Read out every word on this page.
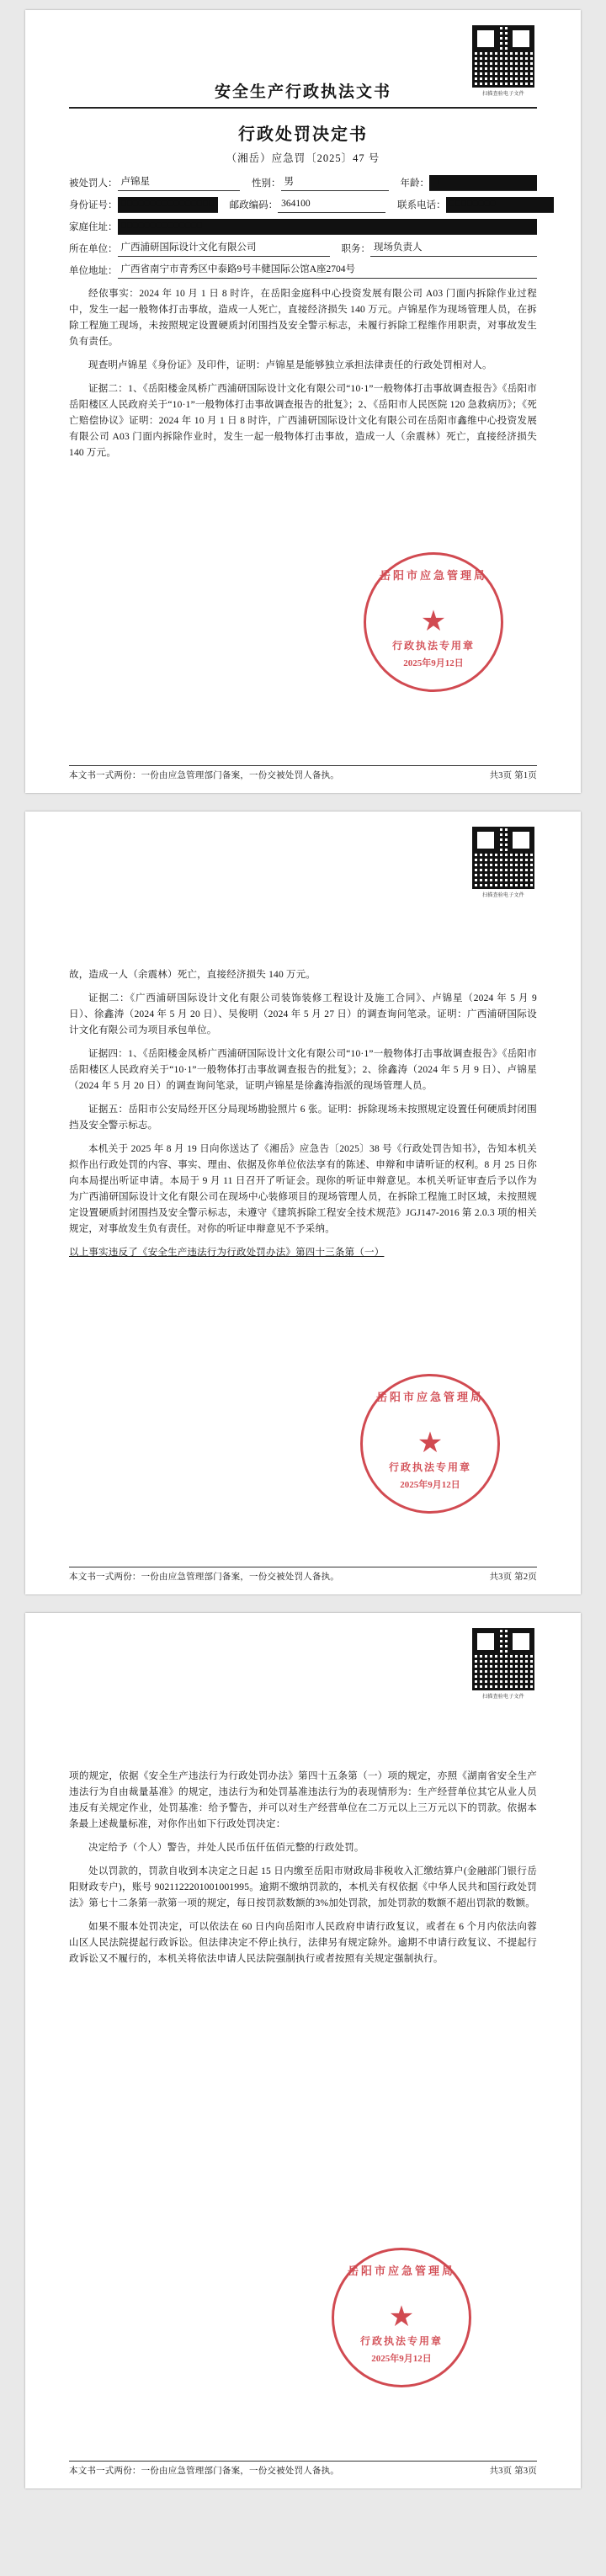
扫描查验电子文件
安全生产行政执法文书
行政处罚决定书
（湘岳）应急罚〔2025〕47 号
被处罚人： 卢锦星	性别： 男	年龄： ■■
身份证号： ■■■■■■■■■■■■■■■■	邮政编码： 364100	联系电话： ■■■■■■■■
家庭住址： ■■■■■■■■■■■■■■
所在单位： 广西浦研国际设计文化有限公司	职务： 现场负责人
单位地址： 广西省南宁市青秀区中泰路9号丰健国际公馆A座2704号
经依事实：2024 年 10 月 1 日 8 时许，在岳阳金庭科中心投资发展有限公司 A03 门面内拆除作业过程中，发生一起一般物体打击事故，造成一人死亡，直接经济损失 140 万元。卢锦星作为现场管理人员，在拆除工程施工现场，未按照规定设置硬质封闭围挡及安全警示标志，未履行拆除工程维作用职责，对事故发生负有责任。
现查明卢锦星《身份证》及印件，证明：卢锦星是能够独立承担法律责任的行政处罚相对人。
证据二：1、《岳阳楼金凤桥广西浦研国际设计文化有限公司“10·1”一般物体打击事故调查报告》《岳阳市岳阳楼区人民政府关于“10·1”一般物体打击事故调查报告的批复》；2、《岳阳市人民医院 120 急救病历》；《死亡赔偿协议》证明：2024 年 10 月 1 日 8 时许，广西浦研国际设计文化有限公司在岳阳市鑫维中心投资发展有限公司 A03 门面内拆除作业时，发生一起一般物体打击事故，造成一人（余震林）死亡，直接经济损失 140 万元。
岳阳市应急管理局
★
行政执法专用章
2025年9月12日
本文书一式两份：一份由应急管理部门备案，一份交被处罚人备执。	共3页 第1页
扫描查验电子文件
故，造成一人（余震林）死亡，直接经济损失 140 万元。
证据二：《广西浦研国际设计文化有限公司装饰装修工程设计及施工合同》、卢锦星（2024 年 5 月 9 日）、徐鑫涛（2024 年 5 月 20 日）、吴俊明（2024 年 5 月 27 日）的调查询问笔录。证明：广西浦研国际设计文化有限公司为项目承包单位。
证据四：1、《岳阳楼金凤桥广西浦研国际设计文化有限公司“10·1”一般物体打击事故调查报告》《岳阳市岳阳楼区人民政府关于“10·1”一般物体打击事故调查报告的批复》；2、徐鑫涛（2024 年 5 月 9 日）、卢锦星（2024 年 5 月 20 日）的调查询问笔录，证明卢锦星是徐鑫涛指派的现场管理人员。
证据五：岳阳市公安局经开区分局现场勘验照片 6 张。证明：拆除现场未按照规定设置任何硬质封闭围挡及安全警示标志。
本机关于 2025 年 8 月 19 日向你送达了《湘岳》应急告〔2025〕38 号《行政处罚告知书》，告知本机关拟作出行政处罚的内容、事实、理由、依据及你单位依法享有的陈述、申辩和申请听证的权利。8 月 25 日你向本局提出听证申请。本局于 9 月 11 日召开了听证会。现你的听证申辩意见。本机关听证审查后予以作为为广西浦研国际设计文化有限公司在现场中心装修项目的现场管理人员，在拆除工程施工时区域，未按照规定设置硬质封闭围挡及安全警示标志，未遵守《建筑拆除工程安全技术规范》JGJ147-2016 第 2.0.3 项的相关规定，对事故发生负有责任。对你的听证申辩意见不予采纳。
以上事实违反了《安全生产违法行为行政处罚办法》第四十三条第（一）
岳阳市应急管理局
★
行政执法专用章
2025年9月12日
本文书一式两份：一份由应急管理部门备案，一份交被处罚人备执。	共3页 第2页
扫描查验电子文件
项的规定，依据《安全生产违法行为行政处罚办法》第四十五条第（一）项的规定，亦照《湖南省安全生产违法行为自由裁量基准》的规定，违法行为和处罚基准违法行为的表现情形为：生产经营单位其它从业人员违反有关规定作业，处罚基准：给予警告，并可以对生产经营单位在二万元以上三万元以下的罚款。依据本条最上述裁量标准，对你作出如下行政处罚决定：
决定给予（个人）警告，并处人民币伍仟伍佰元整的行政处罚。
处以罚款的，罚款自收到本决定之日起 15 日内缴至岳阳市财政局非税收入汇缴结算户(金融部门银行岳阳财政专户)，账号 9021122201001001995。逾期不缴纳罚款的，本机关有权依据《中华人民共和国行政处罚法》第七十二条第一款第一项的规定，每日按罚款数额的3%加处罚款，加处罚款的数额不超出罚款的数额。
如果不服本处罚决定，可以依法在 60 日内向岳阳市人民政府申请行政复议，或者在 6 个月内依法向蓉山区人民法院提起行政诉讼。但法律决定不停止执行，法律另有规定除外。逾期不申请行政复议、不提起行政诉讼又不履行的，本机关将依法申请人民法院强制执行或者按照有关规定强制执行。
岳阳市应急管理局
★
行政执法专用章
2025年9月12日
本文书一式两份：一份由应急管理部门备案，一份交被处罚人备执。	共3页 第3页
